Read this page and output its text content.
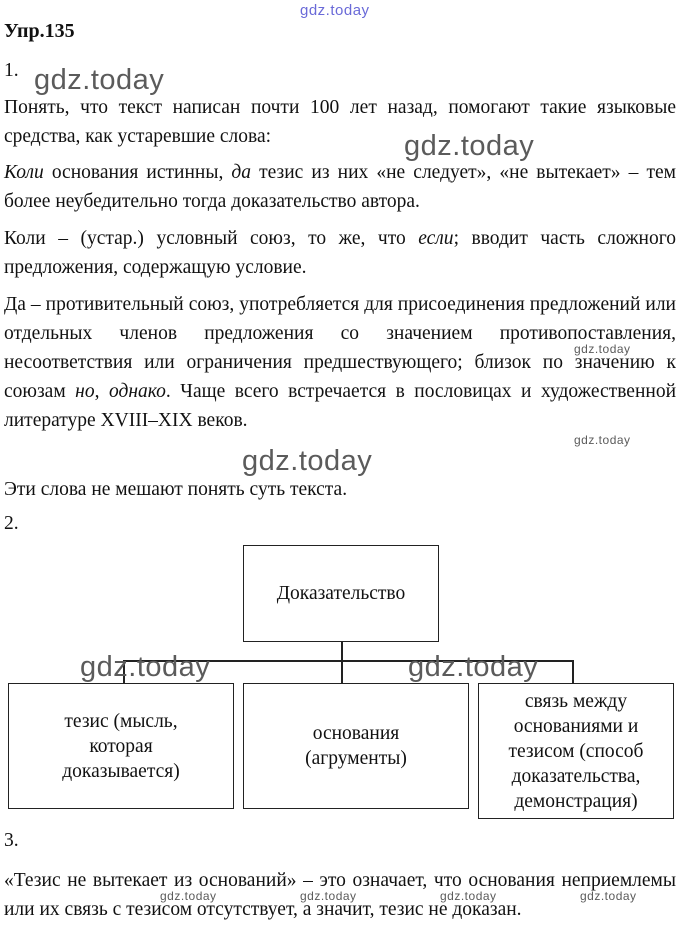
gdz.today
Упр.135
1. gdz.today

Понять, что текст написан почти 100 лет назад, помогают такие языковые средства, как устаревшие слова:	gdz.today

Коли основания истинны, да тезис из них «не следует», «не вытекает» – тем более неубедительно тогда доказательство автора.

Коли – (устар.) условный союз, то же, что если; вводит часть сложного предложения, содержащую условие.

Да – противительный союз, употребляется для присоединения предложений или отдельных членов предложения со значением противопоставления, несоответствия или ограничения предшествующего; близок по значению к союзам но, однако. Чаще всего встречается в пословицах и художественной литературе XVIII–XIX веков.

gdz.today
gdz.today
gdz.today

Эти слова не мешают понять суть текста.

2.
Доказательство
тезис (мысль, которая доказывается)
основания (агрументы)
связь между основаниями и тезисом (способ доказательства, демонстрация)
gdz.today	gdz.today
3.

«Тезис не вытекает из оснований» – это означает, что основания неприемлемы или их связь с тезисом отсутствует, а значит, тезис не доказан.

gdz.today	gdz.today	gdz.today	gdz.today
